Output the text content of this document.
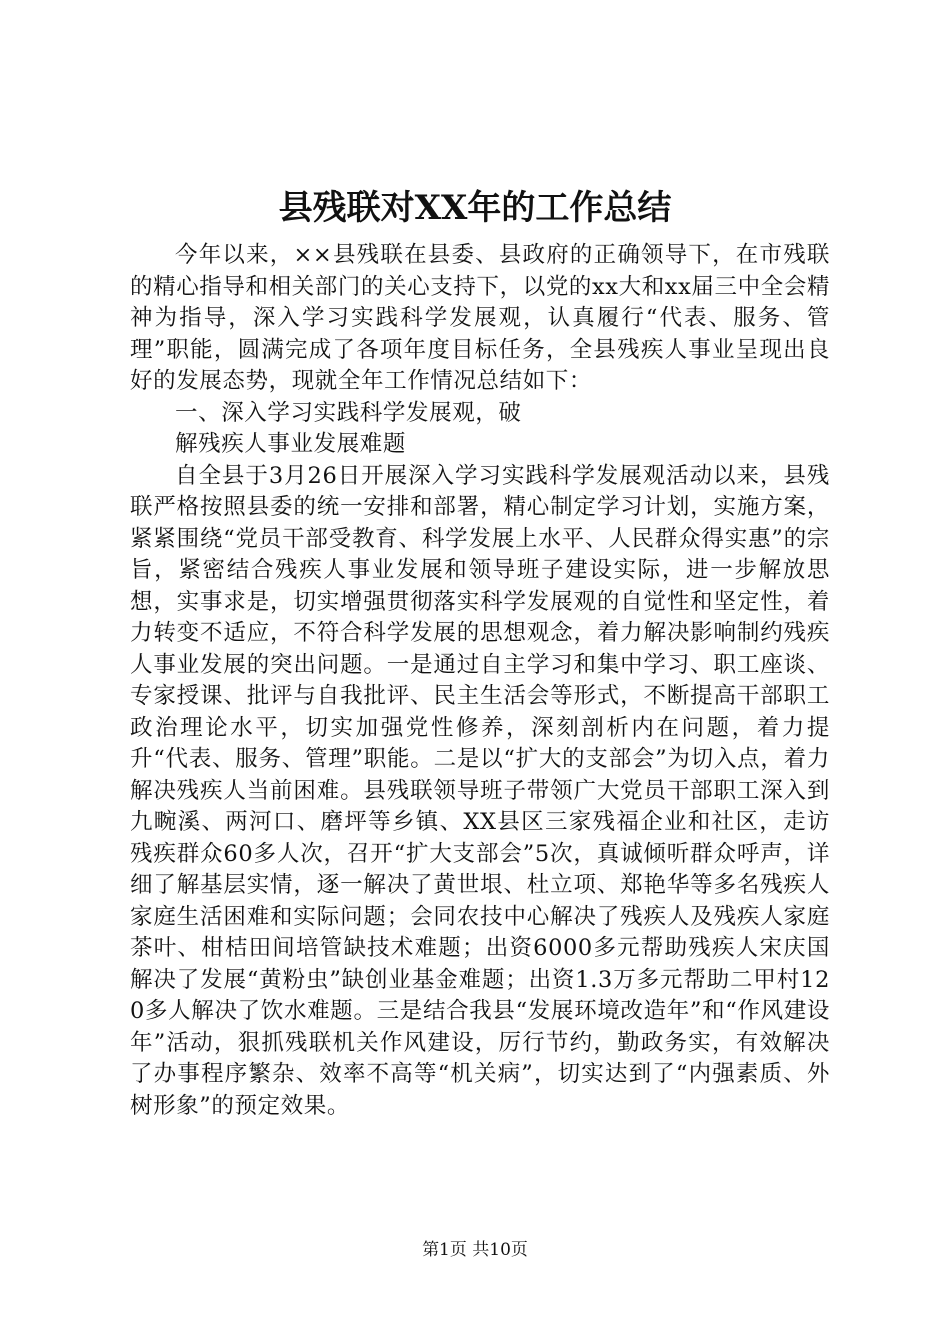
县残联对XX年的工作总结

今年以来，××县残联在县委、县政府的正确领导下，在市残联的精心指导和相关部门的关心支持下，以党的xx大和xx届三中全会精神为指导，深入学习实践科学发展观，认真履行“代表、服务、管理”职能，圆满完成了各项年度目标任务，全县残疾人事业呈现出良好的发展态势，现就全年工作情况总结如下：

一、深入学习实践科学发展观，破

解残疾人事业发展难题

自全县于3月26日开展深入学习实践科学发展观活动以来，县残联严格按照县委的统一安排和部署，精心制定学习计划，实施方案，紧紧围绕“党员干部受教育、科学发展上水平、人民群众得实惠”的宗旨，紧密结合残疾人事业发展和领导班子建设实际，进一步解放思想，实事求是，切实增强贯彻落实科学发展观的自觉性和坚定性，着力转变不适应，不符合科学发展的思想观念，着力解决影响制约残疾人事业发展的突出问题。一是通过自主学习和集中学习、职工座谈、专家授课、批评与自我批评、民主生活会等形式，不断提高干部职工政治理论水平，切实加强党性修养，深刻剖析内在问题，着力提升“代表、服务、管理”职能。二是以“扩大的支部会”为切入点，着力解决残疾人当前困难。县残联领导班子带领广大党员干部职工深入到九畹溪、两河口、磨坪等乡镇、XX县区三家残福企业和社区，走访残疾群众60多人次，召开“扩大支部会”5次，真诚倾听群众呼声，详细了解基层实情，逐一解决了黄世垠、杜立项、郑艳华等多名残疾人家庭生活困难和实际问题；会同农技中心解决了残疾人及残疾人家庭茶叶、柑桔田间培管缺技术难题；出资6000多元帮助残疾人宋庆国解决了发展“黄粉虫”缺创业基金难题；出资1.3万多元帮助二甲村120多人解决了饮水难题。三是结合我县“发展环境改造年”和“作风建设年”活动，狠抓残联机关作风建设，厉行节约，勤政务实，有效解决了办事程序繁杂、效率不高等“机关病”，切实达到了“内强素质、外树形象”的预定效果。

第1页 共10页
